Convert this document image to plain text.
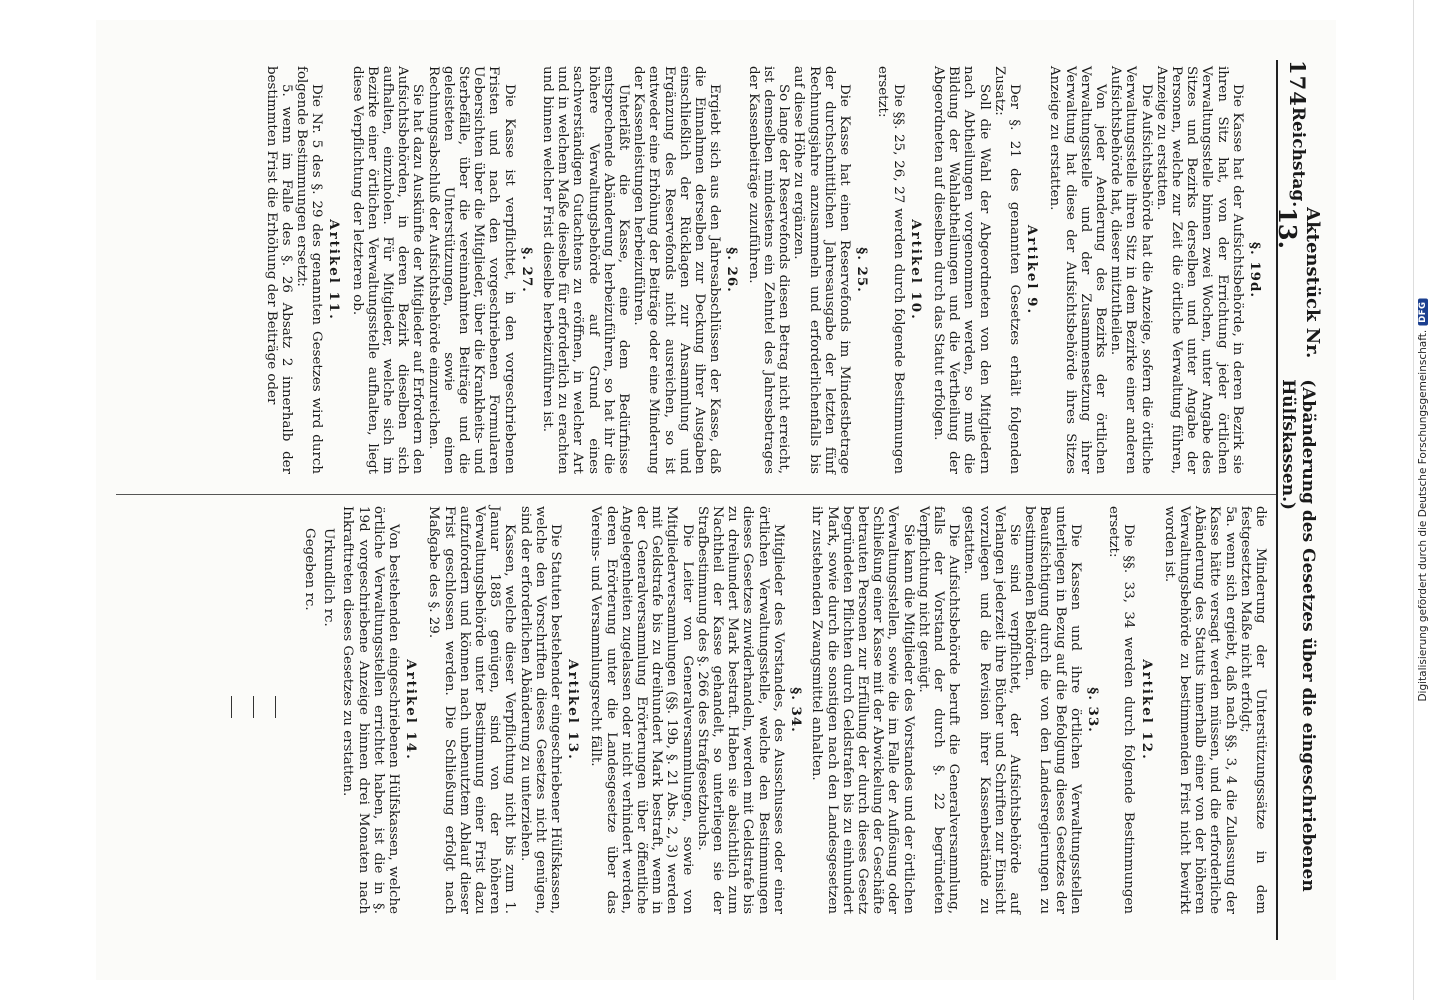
174
Reichstag.
Aktenstück Nr. 13.
(Abänderung des Gesetzes über die eingeschriebenen Hülfskassen.)
§. 19d.
Die Kasse hat der Aufsichtsbehörde, in deren Bezirk sie ihren Sitz hat, von der Errichtung jeder örtlichen Verwaltungsstelle binnen zwei Wochen, unter Angabe des Sitzes und Bezirks derselben und unter Angabe der Personen, welche zur Zeit die örtliche Verwaltung führen, Anzeige zu erstatten.
Die Aufsichtsbehörde hat die Anzeige, sofern die örtliche Verwaltungsstelle ihren Sitz in dem Bezirke einer anderen Aufsichtsbehörde hat, dieser mitzutheilen.
Von jeder Aenderung des Bezirks der örtlichen Verwaltungsstelle und der Zusammensetzung ihrer Verwaltung hat diese der Aufsichtsbehörde ihres Sitzes Anzeige zu erstatten.
Artikel 9.
Der §. 21 des genannten Gesetzes erhält folgenden Zusatz:
Soll die Wahl der Abgeordneten von den Mitgliedern nach Abtheilungen vorgenommen werden, so muß die Bildung der Wahlabtheilungen und die Vertheilung der Abgeordneten auf dieselben durch das Statut erfolgen.
Artikel 10.
Die §§. 25, 26, 27 werden durch folgende Bestimmungen ersetzt:
§. 25.
Die Kasse hat einen Reservefonds im Mindestbetrage der durchschnittlichen Jahresausgabe der letzten fünf Rechnungsjahre anzusammeln und erforderlichenfalls bis auf diese Höhe zu ergänzen.
So lange der Reservefonds diesen Betrag nicht erreicht, ist demselben mindestens ein Zehntel des Jahresbetrages der Kassenbeiträge zuzuführen.
§. 26.
Ergiebt sich aus den Jahresabschlüssen der Kasse, daß die Einnahmen derselben zur Deckung ihrer Ausgaben einschließlich der Rücklagen zur Ansammlung und Ergänzung des Reservefonds nicht ausreichen, so ist entweder eine Erhöhung der Beiträge oder eine Minderung der Kassenleistungen herbeizuführen.
Unterläßt die Kasse, eine dem Bedürfnisse entsprechende Abänderung herbeizuführen, so hat ihr die höhere Verwaltungsbehörde auf Grund eines sachverständigen Gutachtens zu eröffnen, in welcher Art und in welchem Maße dieselbe für erforderlich zu erachten und binnen welcher Frist dieselbe herbeizuführen ist.
§. 27.
Die Kasse ist verpflichtet, in den vorgeschriebenen Fristen und nach den vorgeschriebenen Formularen Uebersichten über die Mitglieder, über die Krankheits- und Sterbefälle, über die vereinnahmten Beiträge und die geleisteten Unterstützungen, sowie einen Rechnungsabschluß der Aufsichtsbehörde einzureichen.
Sie hat dazu Auskünfte der Mitglieder auf Erfordern den Aufsichtsbehörden, in deren Bezirk dieselben sich aufhalten, einzuholen. Für Mitglieder, welche sich im Bezirke einer örtlichen Verwaltungsstelle aufhalten, liegt diese Verpflichtung der letzteren ob.
Artikel 11.
Die Nr. 5 des §. 29 des genannten Gesetzes wird durch folgende Bestimmungen ersetzt:
5. wenn im Falle des §. 26 Absatz 2 innerhalb der bestimmten Frist die Erhöhung der Beiträge oder
die Minderung der Unterstützungssätze in dem festgesetzten Maße nicht erfolgt;
5a. wenn sich ergiebt, daß nach §§. 3, 4 die Zulassung der Kasse hätte versagt werden müssen, und die erforderliche Abänderung des Statuts innerhalb einer von der höheren Verwaltungsbehörde zu bestimmenden Frist nicht bewirkt worden ist.
Artikel 12.
Die §§. 33, 34 werden durch folgende Bestimmungen ersetzt:
§. 33.
Die Kassen und ihre örtlichen Verwaltungsstellen unterliegen in Bezug auf die Befolgung dieses Gesetzes der Beaufsichtigung durch die von den Landesregierungen zu bestimmenden Behörden.
Sie sind verpflichtet, der Aufsichtsbehörde auf Verlangen jederzeit ihre Bücher und Schriften zur Einsicht vorzulegen und die Revision ihrer Kassenbestände zu gestatten.
Die Aufsichtsbehörde beruft die Generalversammlung, falls der Vorstand der durch §. 22 begründeten Verpflichtung nicht genügt.
Sie kann die Mitglieder des Vorstandes und der örtlichen Verwaltungsstellen, sowie die im Falle der Auflösung oder Schließung einer Kasse mit der Abwickelung der Geschäfte betrauten Personen zur Erfüllung der durch dieses Gesetz begründeten Pflichten durch Geldstrafen bis zu einhundert Mark, sowie durch die sonstigen nach den Landesgesetzen ihr zustehenden Zwangsmittel anhalten.
§. 34.
Mitglieder des Vorstandes, des Ausschusses oder einer örtlichen Verwaltungsstelle, welche den Bestimmungen dieses Gesetzes zuwiderhandeln, werden mit Geldstrafe bis zu dreihundert Mark bestraft. Haben sie absichtlich zum Nachtheil der Kasse gehandelt, so unterliegen sie der Strafbestimmung des §. 266 des Strafgesetzbuchs.
Die Leiter von Generalversammlungen, sowie von Mitgliederversammlungen (§§. 19b, §. 21 Abs. 2, 3) werden mit Geldstrafe bis zu dreihundert Mark bestraft, wenn in der Generalversammlung Erörterungen über öffentliche Angelegenheiten zugelassen oder nicht verhindert werden, deren Erörterung unter die Landesgesetze über das Vereins- und Versammlungsrecht fällt.
Artikel 13.
Die Statuten bestehender eingeschriebener Hülfskassen, welche den Vorschriften dieses Gesetzes nicht genügen, sind der erforderlichen Abänderung zu unterziehen.
Kassen, welche dieser Verpflichtung nicht bis zum 1. Januar 1885 genügen, sind von der höheren Verwaltungsbehörde unter Bestimmung einer Frist dazu aufzufordern und können nach unbenutztem Ablauf dieser Frist geschlossen werden. Die Schließung erfolgt nach Maßgabe des §. 29.
Artikel 14.
Von bestehenden eingeschriebenen Hülfskassen, welche örtliche Verwaltungsstellen errichtet haben, ist die in §. 19d vorgeschriebene Anzeige binnen drei Monaten nach Inkrafttreten dieses Gesetzes zu erstatten.
Urkundlich rc.
Gegeben rc.	Digitalisierung gefördert durch die Deutsche Forschungsgemeinschaft.
DFG
